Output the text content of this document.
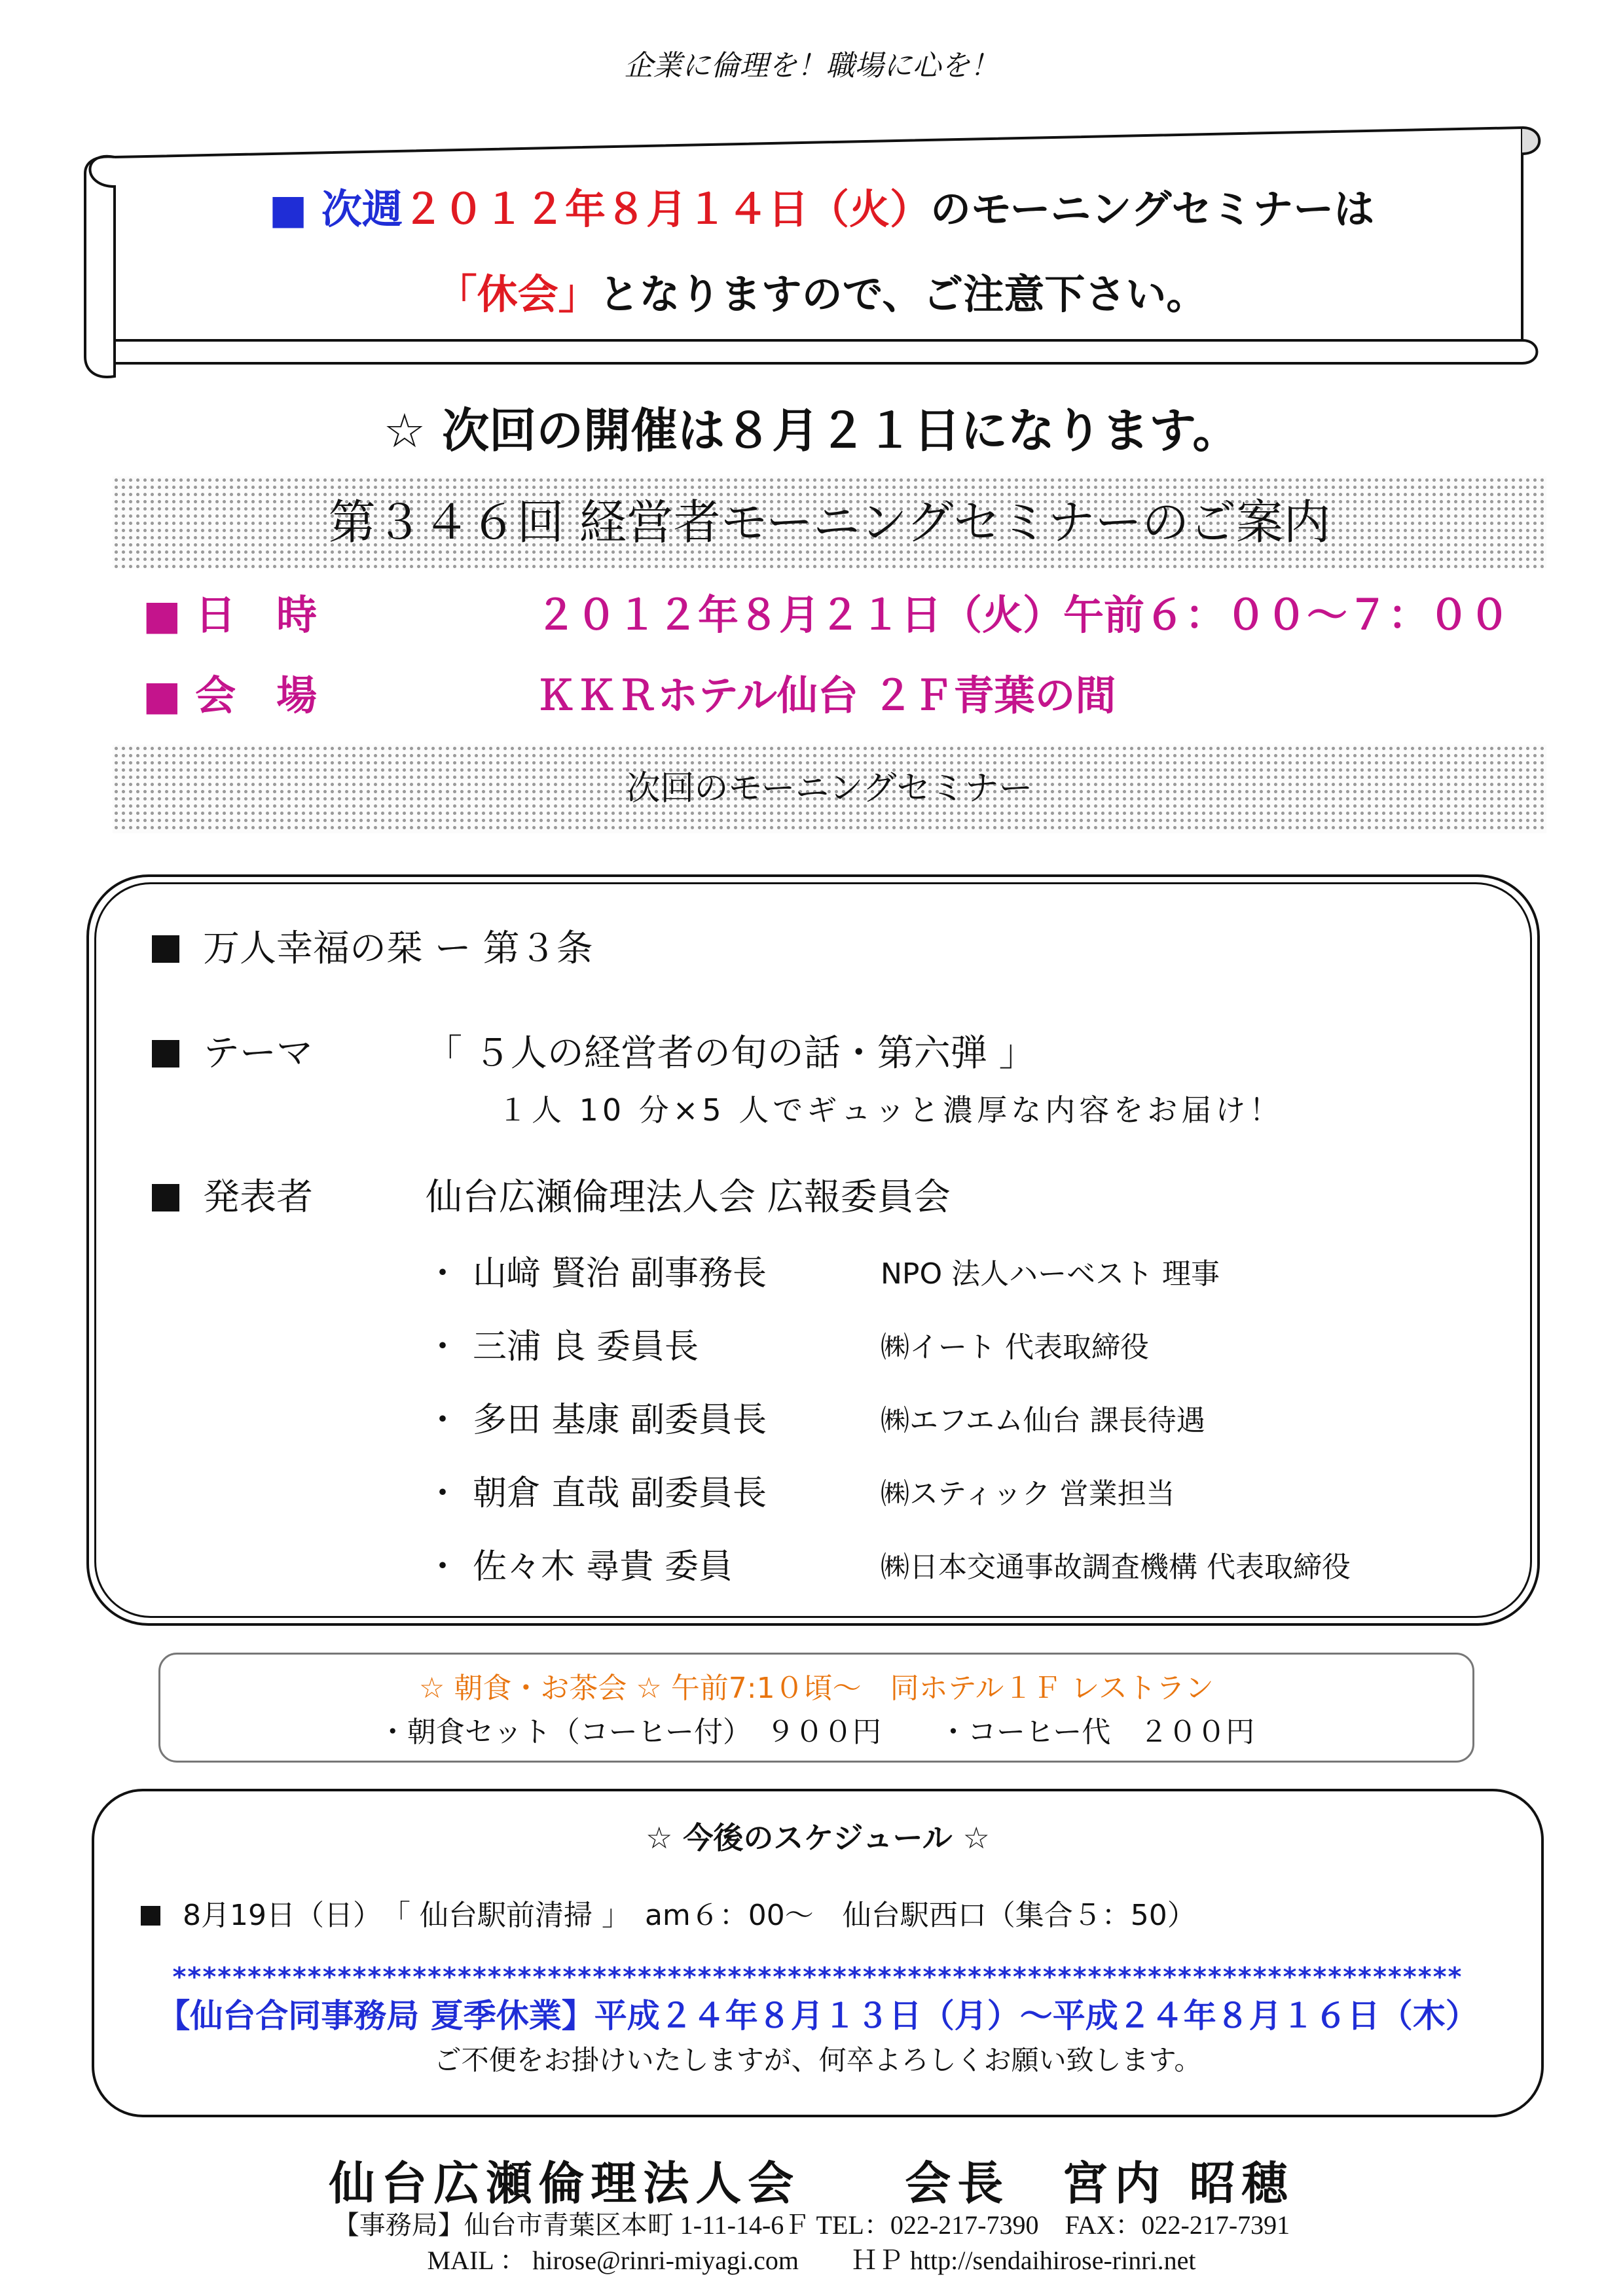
企業に倫理を！職場に心を！
■ 次週２０１２年８月１４日（火）のモーニングセミナーは
「休会」となりますので、ご注意下さい。
☆ 次回の開催は８月２１日になります。
第３４６回 経営者モーニングセミナーのご案内
■ 日　時	２０１２年８月２１日（火）午前６：００～７：００
■ 会　場	ＫＫＲホテル仙台 ２Ｆ青葉の間
次回のモーニングセミナー
万人幸福の栞 ー 第３条
テーマ	「 ５人の経営者の旬の話・第六弾 」
１人 10 分×5 人でギュッと濃厚な内容をお届け！
発表者	仙台広瀬倫理法人会 広報委員会
・ 山﨑 賢治 副事務長	NPO 法人ハーベスト 理事
・ 三浦 良 委員長	㈱イート 代表取締役
・ 多田 基康 副委員長	㈱エフエム仙台 課長待遇
・ 朝倉 直哉 副委員長	㈱スティック 営業担当
・ 佐々木 尋貴 委員	㈱日本交通事故調査機構 代表取締役
☆ 朝食・お茶会 ☆ 午前7:1０頃～　同ホテル１Ｆ レストラン
・朝食セット（コーヒー付）　９００円　　・コーヒー代　２００円
☆ 今後のスケジュール ☆
8月19日（日）　「 仙台駅前清掃 」　am６：00～　仙台駅西口（集合５：50）
**************************************************************************************
【仙台合同事務局 夏季休業】平成２４年８月１３日（月）～平成２４年８月１６日（木）
ご不便をお掛けいたしますが、何卒よろしくお願い致します。
仙台広瀬倫理法人会　　会長　宮内 昭穂
【事務局】仙台市青葉区本町 1-11-14-6Ｆ TEL：022-217-7390　FAX：022-217-7391
MAIL ： hirose@rinri-miyagi.com　　ＨＰ http://sendaihirose-rinri.net
